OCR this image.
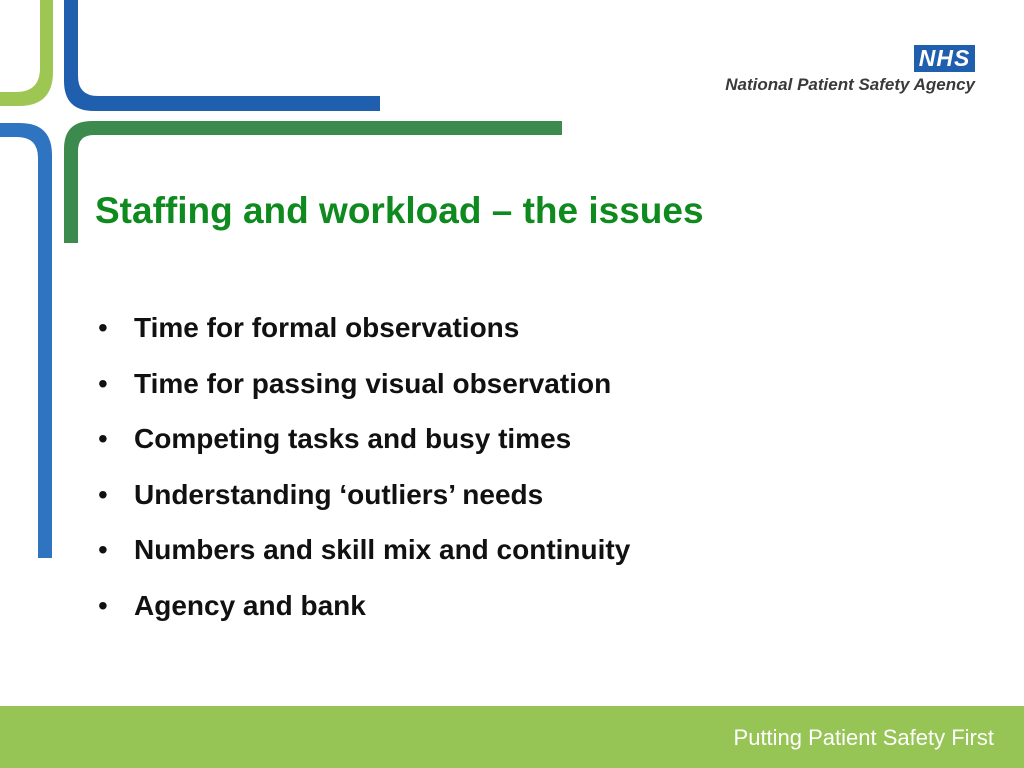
NHS
National Patient Safety Agency
Staffing and workload – the issues
• Time for formal observations
• Time for passing visual observation
• Competing tasks and busy times
• Understanding ‘outliers’ needs
• Numbers and skill mix and continuity
• Agency and bank
Putting Patient Safety First
